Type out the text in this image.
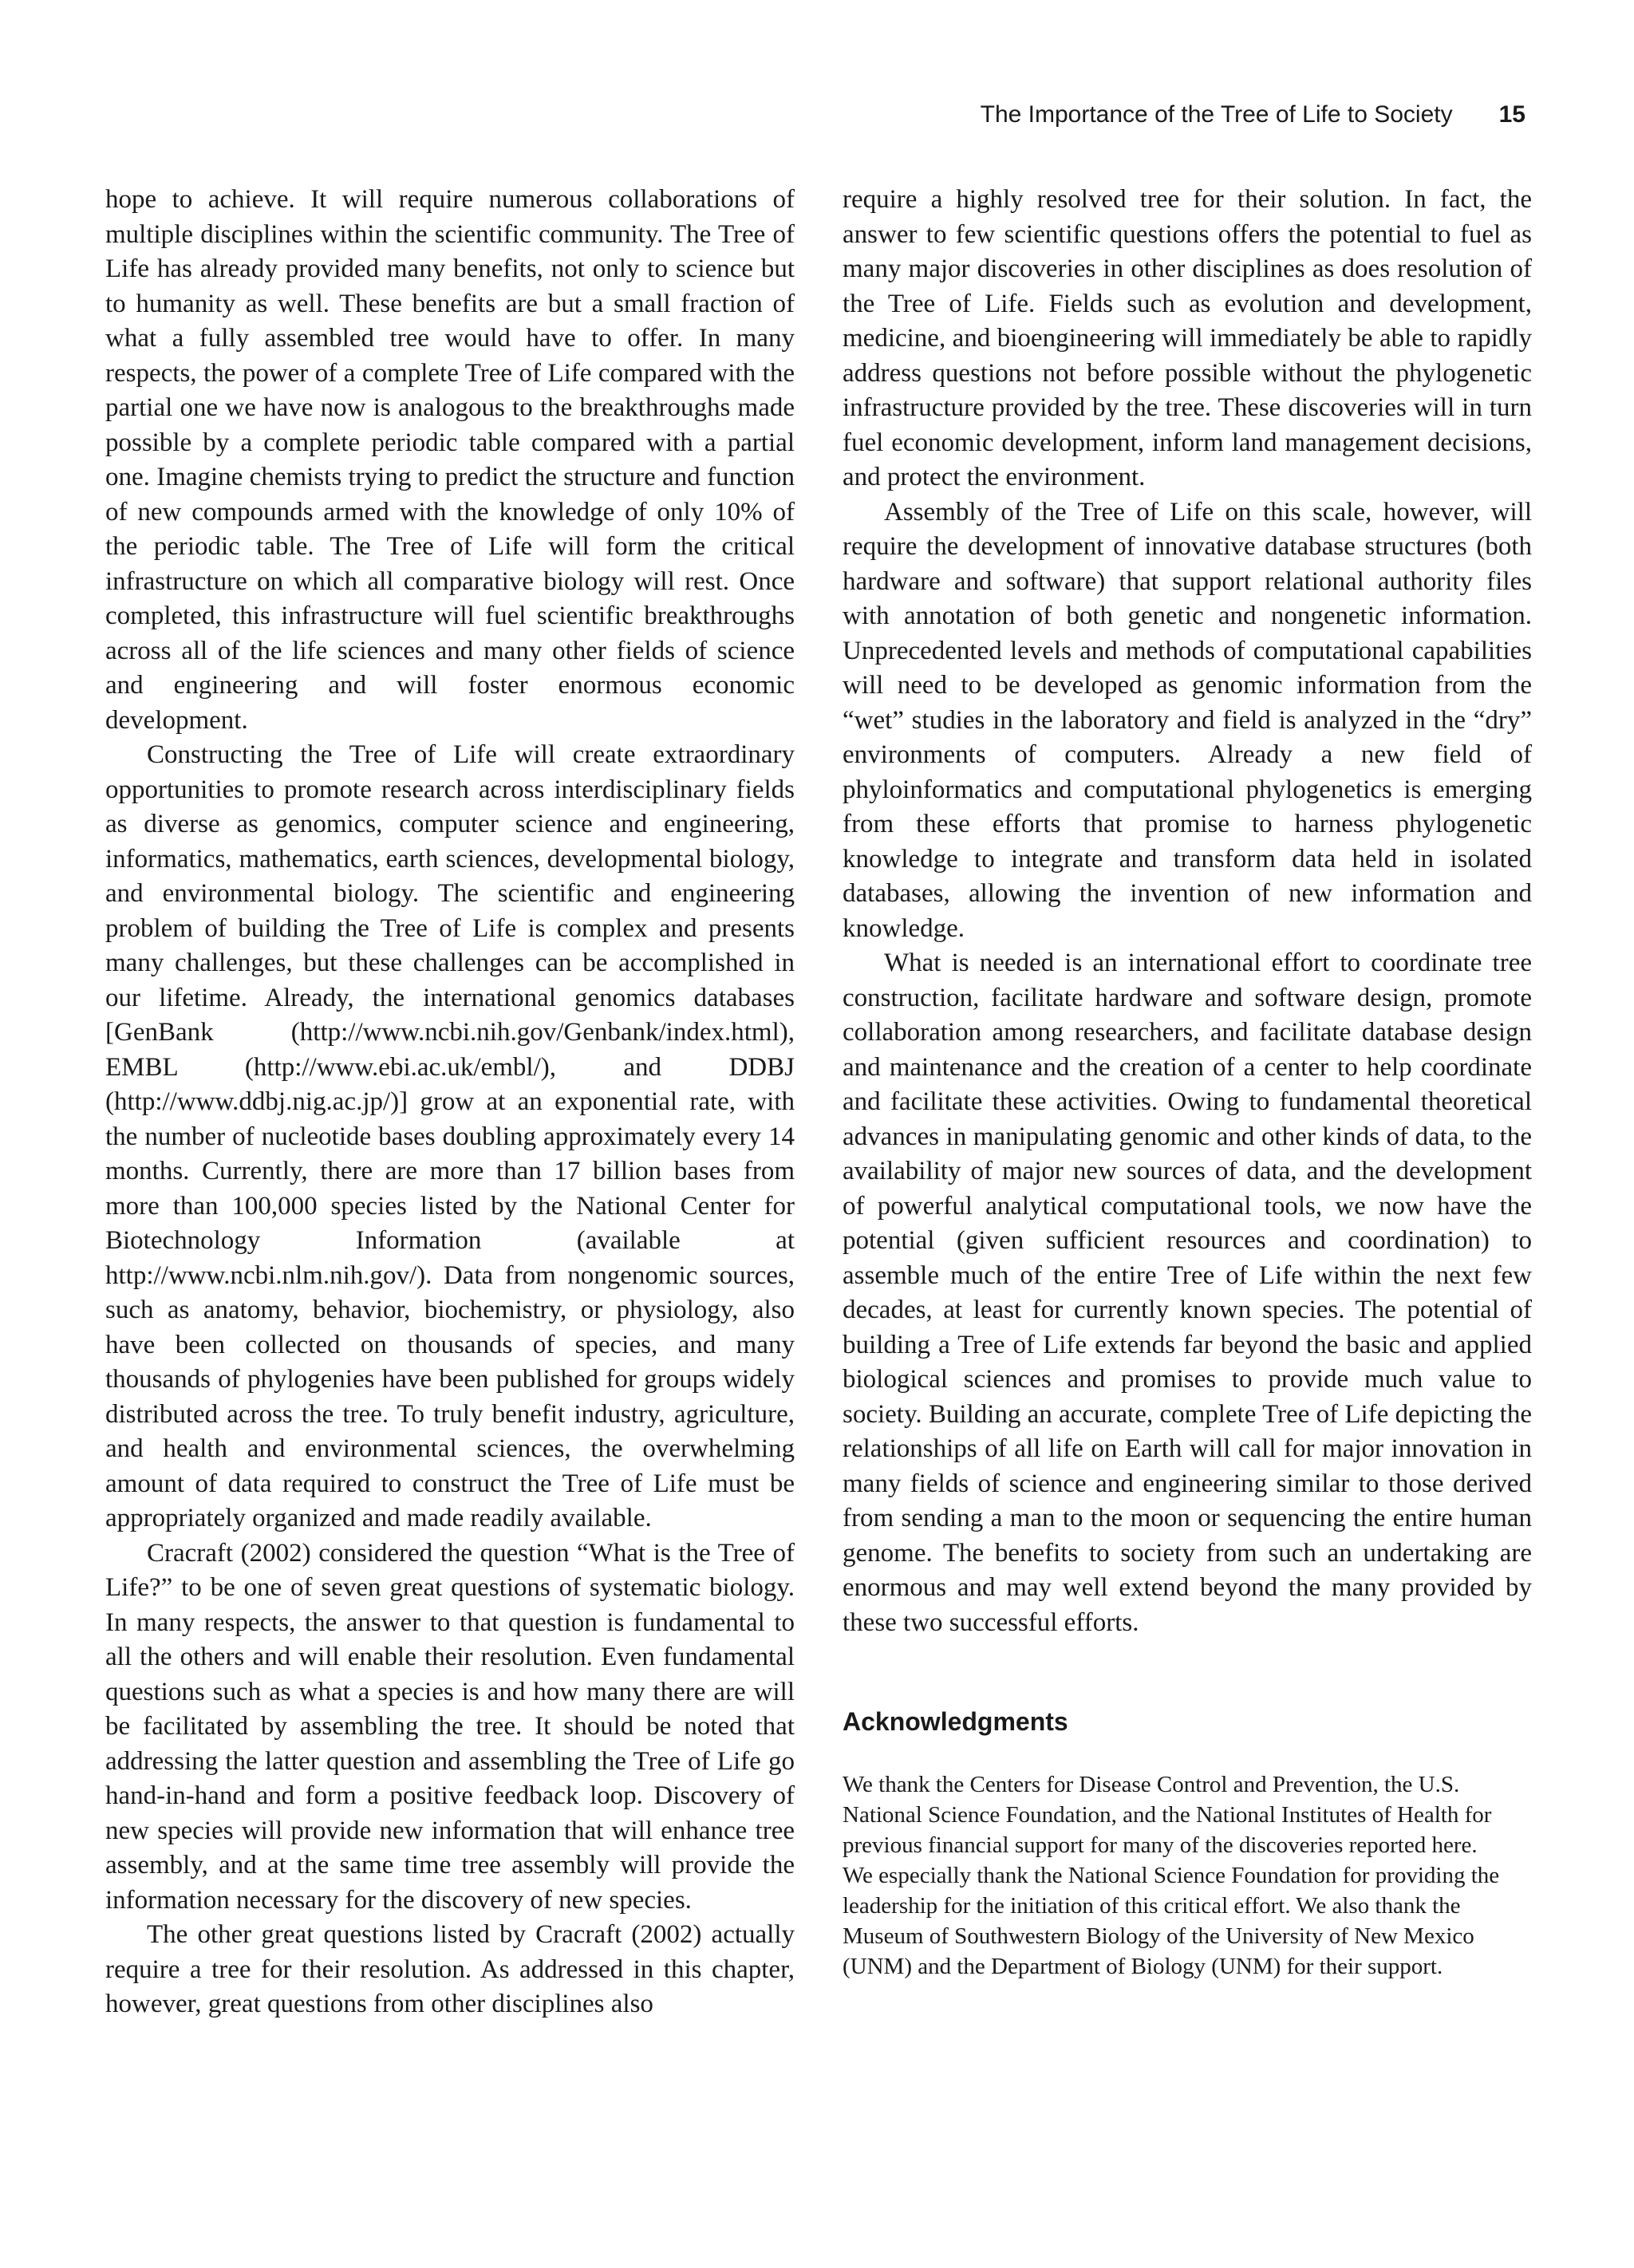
The Importance of the Tree of Life to Society 15

hope to achieve. It will require numerous collaborations of multiple disciplines within the scientific community. The Tree of Life has already provided many benefits, not only to science but to humanity as well. These benefits are but a small fraction of what a fully assembled tree would have to offer. In many respects, the power of a complete Tree of Life compared with the partial one we have now is analogous to the breakthroughs made possible by a complete periodic table compared with a partial one. Imagine chemists trying to predict the structure and function of new compounds armed with the knowledge of only 10% of the periodic table. The Tree of Life will form the critical infrastructure on which all comparative biology will rest. Once completed, this infrastructure will fuel scientific breakthroughs across all of the life sciences and many other fields of science and engineering and will foster enormous economic development.

Constructing the Tree of Life will create extraordinary opportunities to promote research across interdisciplinary fields as diverse as genomics, computer science and engineering, informatics, mathematics, earth sciences, developmental biology, and environmental biology. The scientific and engineering problem of building the Tree of Life is complex and presents many challenges, but these challenges can be accomplished in our lifetime. Already, the international genomics databases [GenBank (http://www.ncbi.nih.gov/Genbank/index.html), EMBL (http://www.ebi.ac.uk/embl/), and DDBJ (http://www.ddbj.nig.ac.jp/)] grow at an exponential rate, with the number of nucleotide bases doubling approximately every 14 months. Currently, there are more than 17 billion bases from more than 100,000 species listed by the National Center for Biotechnology Information (available at http://www.ncbi.nlm.nih.gov/). Data from nongenomic sources, such as anatomy, behavior, biochemistry, or physiology, also have been collected on thousands of species, and many thousands of phylogenies have been published for groups widely distributed across the tree. To truly benefit industry, agriculture, and health and environmental sciences, the overwhelming amount of data required to construct the Tree of Life must be appropriately organized and made readily available.

Cracraft (2002) considered the question “What is the Tree of Life?” to be one of seven great questions of systematic biology. In many respects, the answer to that question is fundamental to all the others and will enable their resolution. Even fundamental questions such as what a species is and how many there are will be facilitated by assembling the tree. It should be noted that addressing the latter question and assembling the Tree of Life go hand-in-hand and form a positive feedback loop. Discovery of new species will provide new information that will enhance tree assembly, and at the same time tree assembly will provide the information necessary for the discovery of new species.

The other great questions listed by Cracraft (2002) actually require a tree for their resolution. As addressed in this chapter, however, great questions from other disciplines also

require a highly resolved tree for their solution. In fact, the answer to few scientific questions offers the potential to fuel as many major discoveries in other disciplines as does resolution of the Tree of Life. Fields such as evolution and development, medicine, and bioengineering will immediately be able to rapidly address questions not before possible without the phylogenetic infrastructure provided by the tree. These discoveries will in turn fuel economic development, inform land management decisions, and protect the environment.

Assembly of the Tree of Life on this scale, however, will require the development of innovative database structures (both hardware and software) that support relational authority files with annotation of both genetic and nongenetic information. Unprecedented levels and methods of computational capabilities will need to be developed as genomic information from the “wet” studies in the laboratory and field is analyzed in the “dry” environments of computers. Already a new field of phyloinformatics and computational phylogenetics is emerging from these efforts that promise to harness phylogenetic knowledge to integrate and transform data held in isolated databases, allowing the invention of new information and knowledge.

What is needed is an international effort to coordinate tree construction, facilitate hardware and software design, promote collaboration among researchers, and facilitate database design and maintenance and the creation of a center to help coordinate and facilitate these activities. Owing to fundamental theoretical advances in manipulating genomic and other kinds of data, to the availability of major new sources of data, and the development of powerful analytical computational tools, we now have the potential (given sufficient resources and coordination) to assemble much of the entire Tree of Life within the next few decades, at least for currently known species. The potential of building a Tree of Life extends far beyond the basic and applied biological sciences and promises to provide much value to society. Building an accurate, complete Tree of Life depicting the relationships of all life on Earth will call for major innovation in many fields of science and engineering similar to those derived from sending a man to the moon or sequencing the entire human genome. The benefits to society from such an undertaking are enormous and may well extend beyond the many provided by these two successful efforts.

Acknowledgments
We thank the Centers for Disease Control and Prevention, the U.S. National Science Foundation, and the National Institutes of Health for previous financial support for many of the discoveries reported here. We especially thank the National Science Foundation for providing the leadership for the initiation of this critical effort. We also thank the Museum of Southwestern Biology of the University of New Mexico (UNM) and the Department of Biology (UNM) for their support.
